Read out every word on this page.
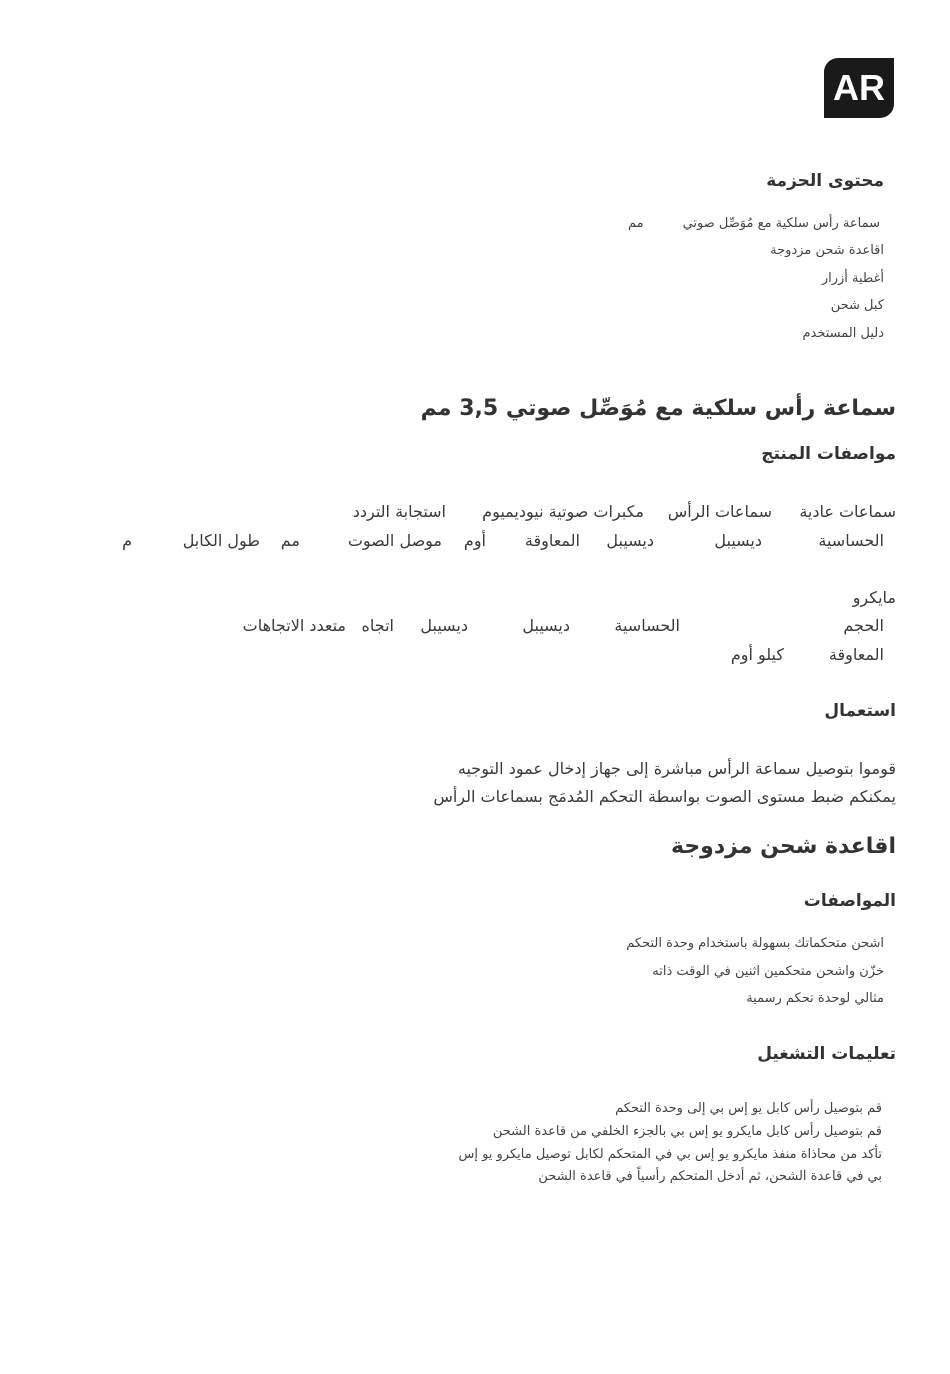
AR
محتوى الحزمة
سماعة رأس سلكية مع مُوَصِّل صوتي
مم
اقاعدة شحن مزدوجة
أغطية أزرار
كبل شحن
دليل المستخدم
سماعة رأس سلكية مع مُوَصِّل صوتي 3,5 مم
مواصفات المنتج
سماعات عادية
سماعات الرأس
مكبرات صوتية نيوديميوم
استجابة التردد
الحساسية
ديسيبل
ديسيبل
المعاوقة
أوم
موصل الصوت
مم
طول الكابل
م
مايكرو
الحجم
الحساسية
ديسيبل
ديسيبل
اتجاه
متعدد الاتجاهات
المعاوقة
كيلو أوم
استعمال
قوموا بتوصيل سماعة الرأس مباشرة إلى جهاز إدخال عمود التوجيه
يمكنكم ضبط مستوى الصوت بواسطة التحكم المُدمَج بسماعات الرأس
اقاعدة شحن مزدوجة
المواصفات
اشحن متحكماتك بسهولة باستخدام وحدة التحكم
خزّن واشحن متحكمين اثنين في الوقت ذاته
مثالي لوحدة تحكم رسمية
تعليمات التشغيل
قم بتوصيل رأس كابل يو إس بي إلى وحدة التحكم
قم بتوصيل رأس كابل مايكرو يو إس بي بالجزء الخلفي من قاعدة الشحن
تأكد من محاذاة منفذ مايكرو يو إس بي في المتحكم لكابل توصيل مايكرو يو إس
بي في قاعدة الشحن، ثم أدخل المتحكم رأسياً في قاعدة الشحن
